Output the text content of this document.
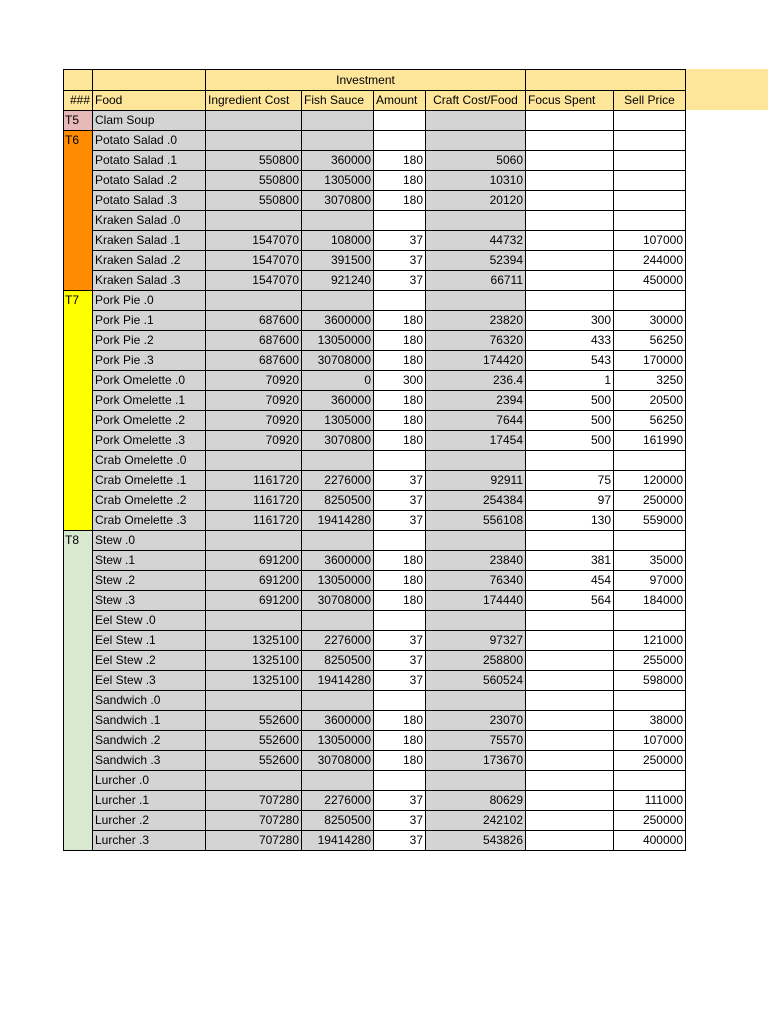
		Investment					
###	Food	Ingredient Cost	Fish Sauce	Amount	Craft Cost/Food	Focus Spent	Sell Price
T5	Clam Soup						
T6	Potato Salad .0						
	Potato Salad .1	550800	360000	180	5060		
	Potato Salad .2	550800	1305000	180	10310		
	Potato Salad .3	550800	3070800	180	20120		
	Kraken Salad .0						
	Kraken Salad .1	1547070	108000	37	44732		107000
	Kraken Salad .2	1547070	391500	37	52394		244000
	Kraken Salad .3	1547070	921240	37	66711		450000
T7	Pork Pie .0						
	Pork Pie .1	687600	3600000	180	23820	300	30000
	Pork Pie .2	687600	13050000	180	76320	433	56250
	Pork Pie .3	687600	30708000	180	174420	543	170000
	Pork Omelette .0	70920	0	300	236.4	1	3250
	Pork Omelette .1	70920	360000	180	2394	500	20500
	Pork Omelette .2	70920	1305000	180	7644	500	56250
	Pork Omelette .3	70920	3070800	180	17454	500	161990
	Crab Omelette .0						
	Crab Omelette .1	1161720	2276000	37	92911	75	120000
	Crab Omelette .2	1161720	8250500	37	254384	97	250000
	Crab Omelette .3	1161720	19414280	37	556108	130	559000
T8	Stew .0						
	Stew .1	691200	3600000	180	23840	381	35000
	Stew .2	691200	13050000	180	76340	454	97000
	Stew .3	691200	30708000	180	174440	564	184000
	Eel Stew .0						
	Eel Stew .1	1325100	2276000	37	97327		121000
	Eel Stew .2	1325100	8250500	37	258800		255000
	Eel Stew .3	1325100	19414280	37	560524		598000
	Sandwich .0						
	Sandwich .1	552600	3600000	180	23070		38000
	Sandwich .2	552600	13050000	180	75570		107000
	Sandwich .3	552600	30708000	180	173670		250000
	Lurcher .0						
	Lurcher .1	707280	2276000	37	80629		111000
	Lurcher .2	707280	8250500	37	242102		250000
	Lurcher .3	707280	19414280	37	543826		400000
